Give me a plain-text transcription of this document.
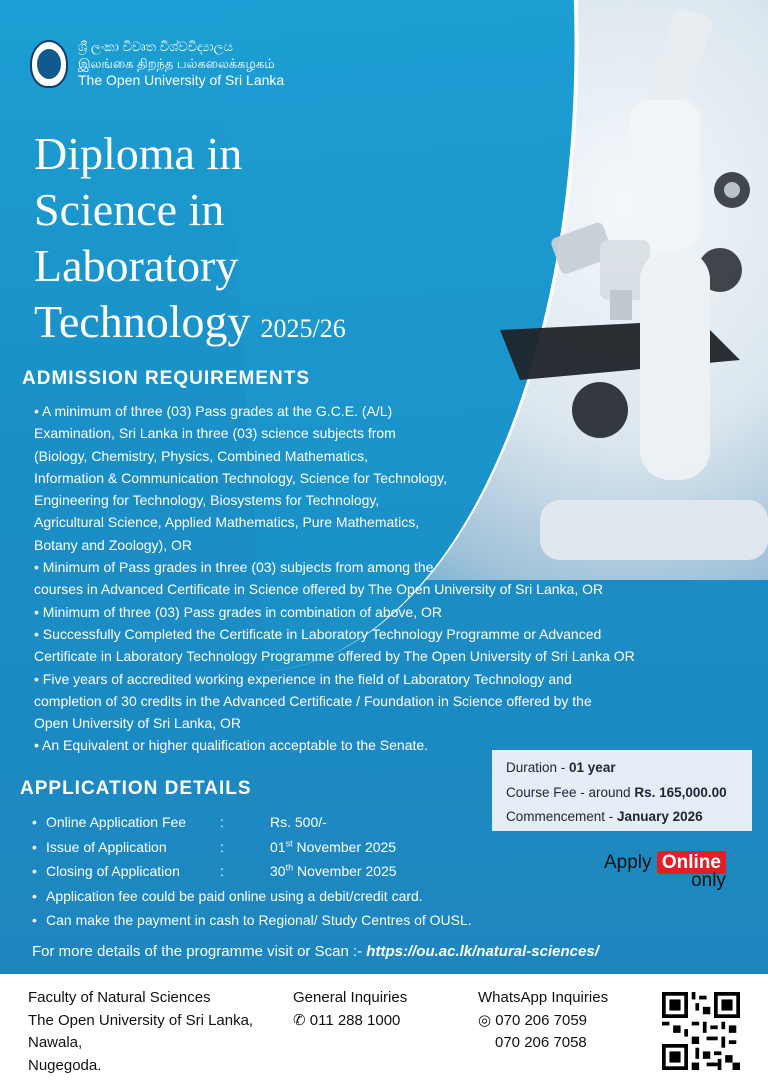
ශ්‍රී ලංකා විවෘත විශ්වවිද්‍යාලය
இலங்கை திறந்த பல்கலைக்கழகம்
The Open University of Sri Lanka
Diploma in
Science in
Laboratory
Technology 2025/26
ADMISSION REQUIREMENTS

• A minimum of three (03) Pass grades at the G.C.E. (A/L)

Examination, Sri Lanka in three (03) science subjects from

(Biology, Chemistry, Physics, Combined Mathematics,

Information & Communication Technology, Science for Technology,

Engineering for Technology, Biosystems for Technology,

Agricultural Science, Applied Mathematics, Pure Mathematics,

Botany and Zoology), OR

• Minimum of Pass grades in three (03) subjects from among the

courses in Advanced Certificate in Science offered by The Open University of Sri Lanka, OR

• Minimum of three (03) Pass grades in combination of above, OR

• Successfully Completed the Certificate in Laboratory Technology Programme or Advanced

Certificate in Laboratory Technology Programme offered by The Open University of Sri Lanka OR

• Five years of accredited working experience in the field of Laboratory Technology and

completion of 30 credits in the Advanced Certificate / Foundation in Science offered by the

Open University of Sri Lanka, OR

• An Equivalent or higher qualification acceptable to the Senate.

Duration - 01 year
Course Fee - around Rs. 165,000.00
Commencement - January 2026
APPLICATION DETAILS
• Online Application Fee	:	Rs. 500/-
• Issue of Application	:	01st November 2025
• Closing of Application	:	30th November 2025
• Application fee could be paid online using a debit/credit card.
• Can make the payment in cash to Regional/ Study Centres of OUSL.
Apply Online
only
For more details of the programme visit or Scan :- https://ou.ac.lk/natural-sciences/
Faculty of Natural Sciences
The Open University of Sri Lanka,
Nawala,
Nugegoda.
General Inquiries
✆ 011 288 1000
WhatsApp Inquiries
◎ 070 206 7059
070 206 7058
